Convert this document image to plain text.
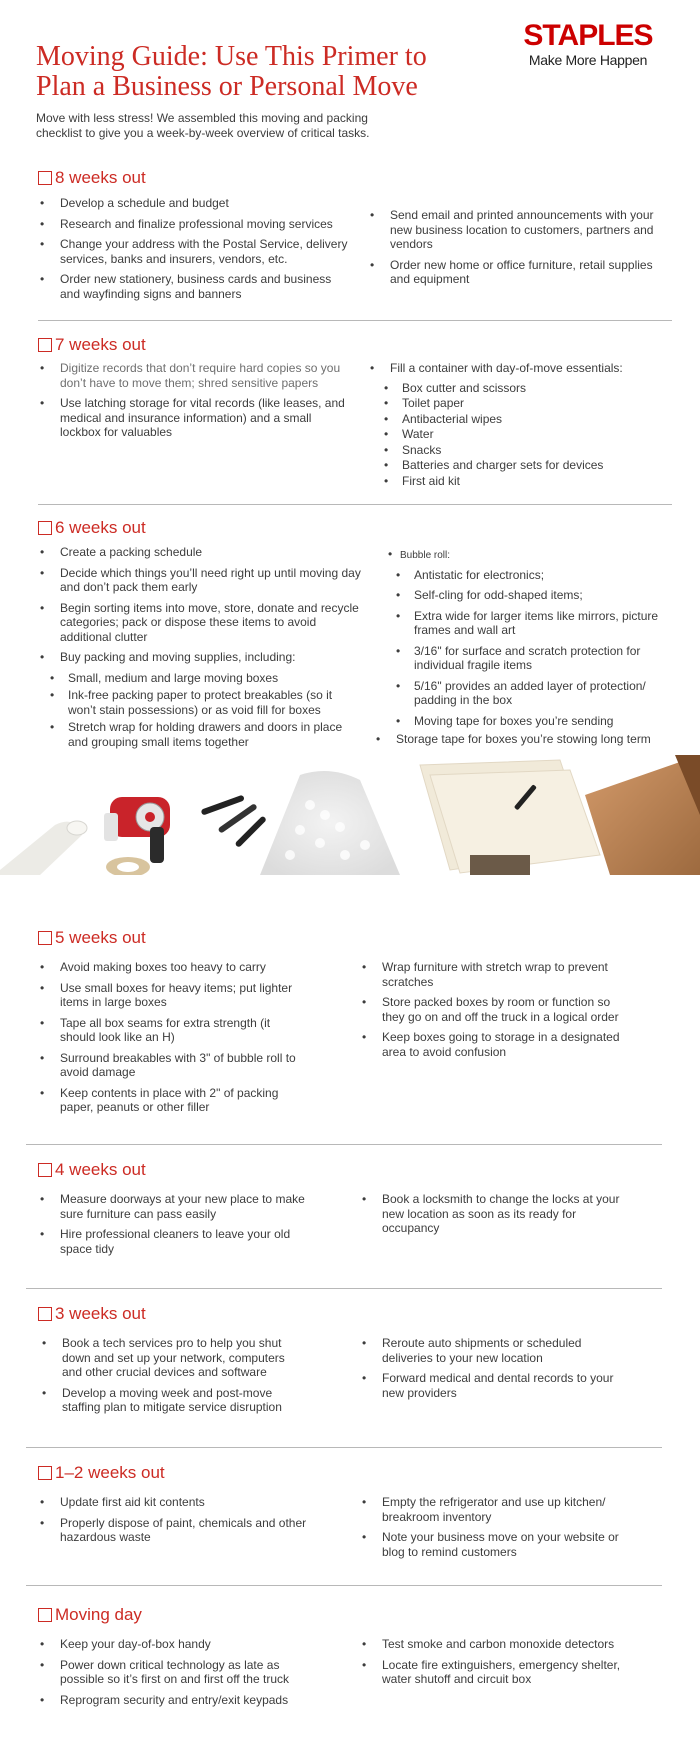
Moving Guide: Use This Primer to Plan a Business or Personal Move
STAPLES
Make More Happen

Move with less stress! We assembled this moving and packing checklist to give you a week-by-week overview of critical tasks.

8 weeks out
• Develop a schedule and budget
• Research and finalize professional moving services
• Change your address with the Postal Service, delivery services, banks and insurers, vendors, etc.
• Order new stationery, business cards and business and wayfinding signs and banners
• Send email and printed announcements with your new business location to customers, partners and vendors
• Order new home or office furniture, retail supplies and equipment
7 weeks out
• Digitize records that don’t require hard copies so you don’t have to move them; shred sensitive papers
• Use latching storage for vital records (like leases, and medical and insurance information) and a small lockbox for valuables
• Fill a container with day-of-move essentials:
• Box cutter and scissors
• Toilet paper
• Antibacterial wipes
• Water
• Snacks
• Batteries and charger sets for devices
• First aid kit
6 weeks out
• Create a packing schedule
• Decide which things you’ll need right up until moving day and don’t pack them early
• Begin sorting items into move, store, donate and recycle categories; pack or dispose these items to avoid additional clutter
• Buy packing and moving supplies, including:
• Small, medium and large moving boxes
• Ink-free packing paper to protect breakables (so it won’t stain possessions) or as void fill for boxes
• Stretch wrap for holding drawers and doors in place and grouping small items together
• Bubble roll:
• Antistatic for electronics;
• Self-cling for odd-shaped items;
• Extra wide for larger items like mirrors, picture frames and wall art
• 3/16" for surface and scratch protection for individual fragile items
• 5/16" provides an added layer of protection/ padding in the box
• Moving tape for boxes you’re sending
• Storage tape for boxes you’re stowing long term
5 weeks out
• Avoid making boxes too heavy to carry
• Use small boxes for heavy items; put lighter items in large boxes
• Tape all box seams for extra strength (it should look like an H)
• Surround breakables with 3" of bubble roll to avoid damage
• Keep contents in place with 2" of packing paper, peanuts or other filler
• Wrap furniture with stretch wrap to prevent scratches
• Store packed boxes by room or function so they go on and off the truck in a logical order
• Keep boxes going to storage in a designated area to avoid confusion
4 weeks out
• Measure doorways at your new place to make sure furniture can pass easily
• Hire professional cleaners to leave your old space tidy
• Book a locksmith to change the locks at your new location as soon as its ready for occupancy
3 weeks out
• Book a tech services pro to help you shut down and set up your network, computers and other crucial devices and software
• Develop a moving week and post-move staffing plan to mitigate service disruption
• Reroute auto shipments or scheduled deliveries to your new location
• Forward medical and dental records to your new providers
1–2 weeks out
• Update first aid kit contents
• Properly dispose of paint, chemicals and other hazardous waste
• Empty the refrigerator and use up kitchen/ breakroom inventory
• Note your business move on your website or blog to remind customers
Moving day
• Keep your day-of-box handy
• Power down critical technology as late as possible so it’s first on and first off the truck
• Reprogram security and entry/exit keypads
• Test smoke and carbon monoxide detectors
• Locate fire extinguishers, emergency shelter, water shutoff and circuit box
